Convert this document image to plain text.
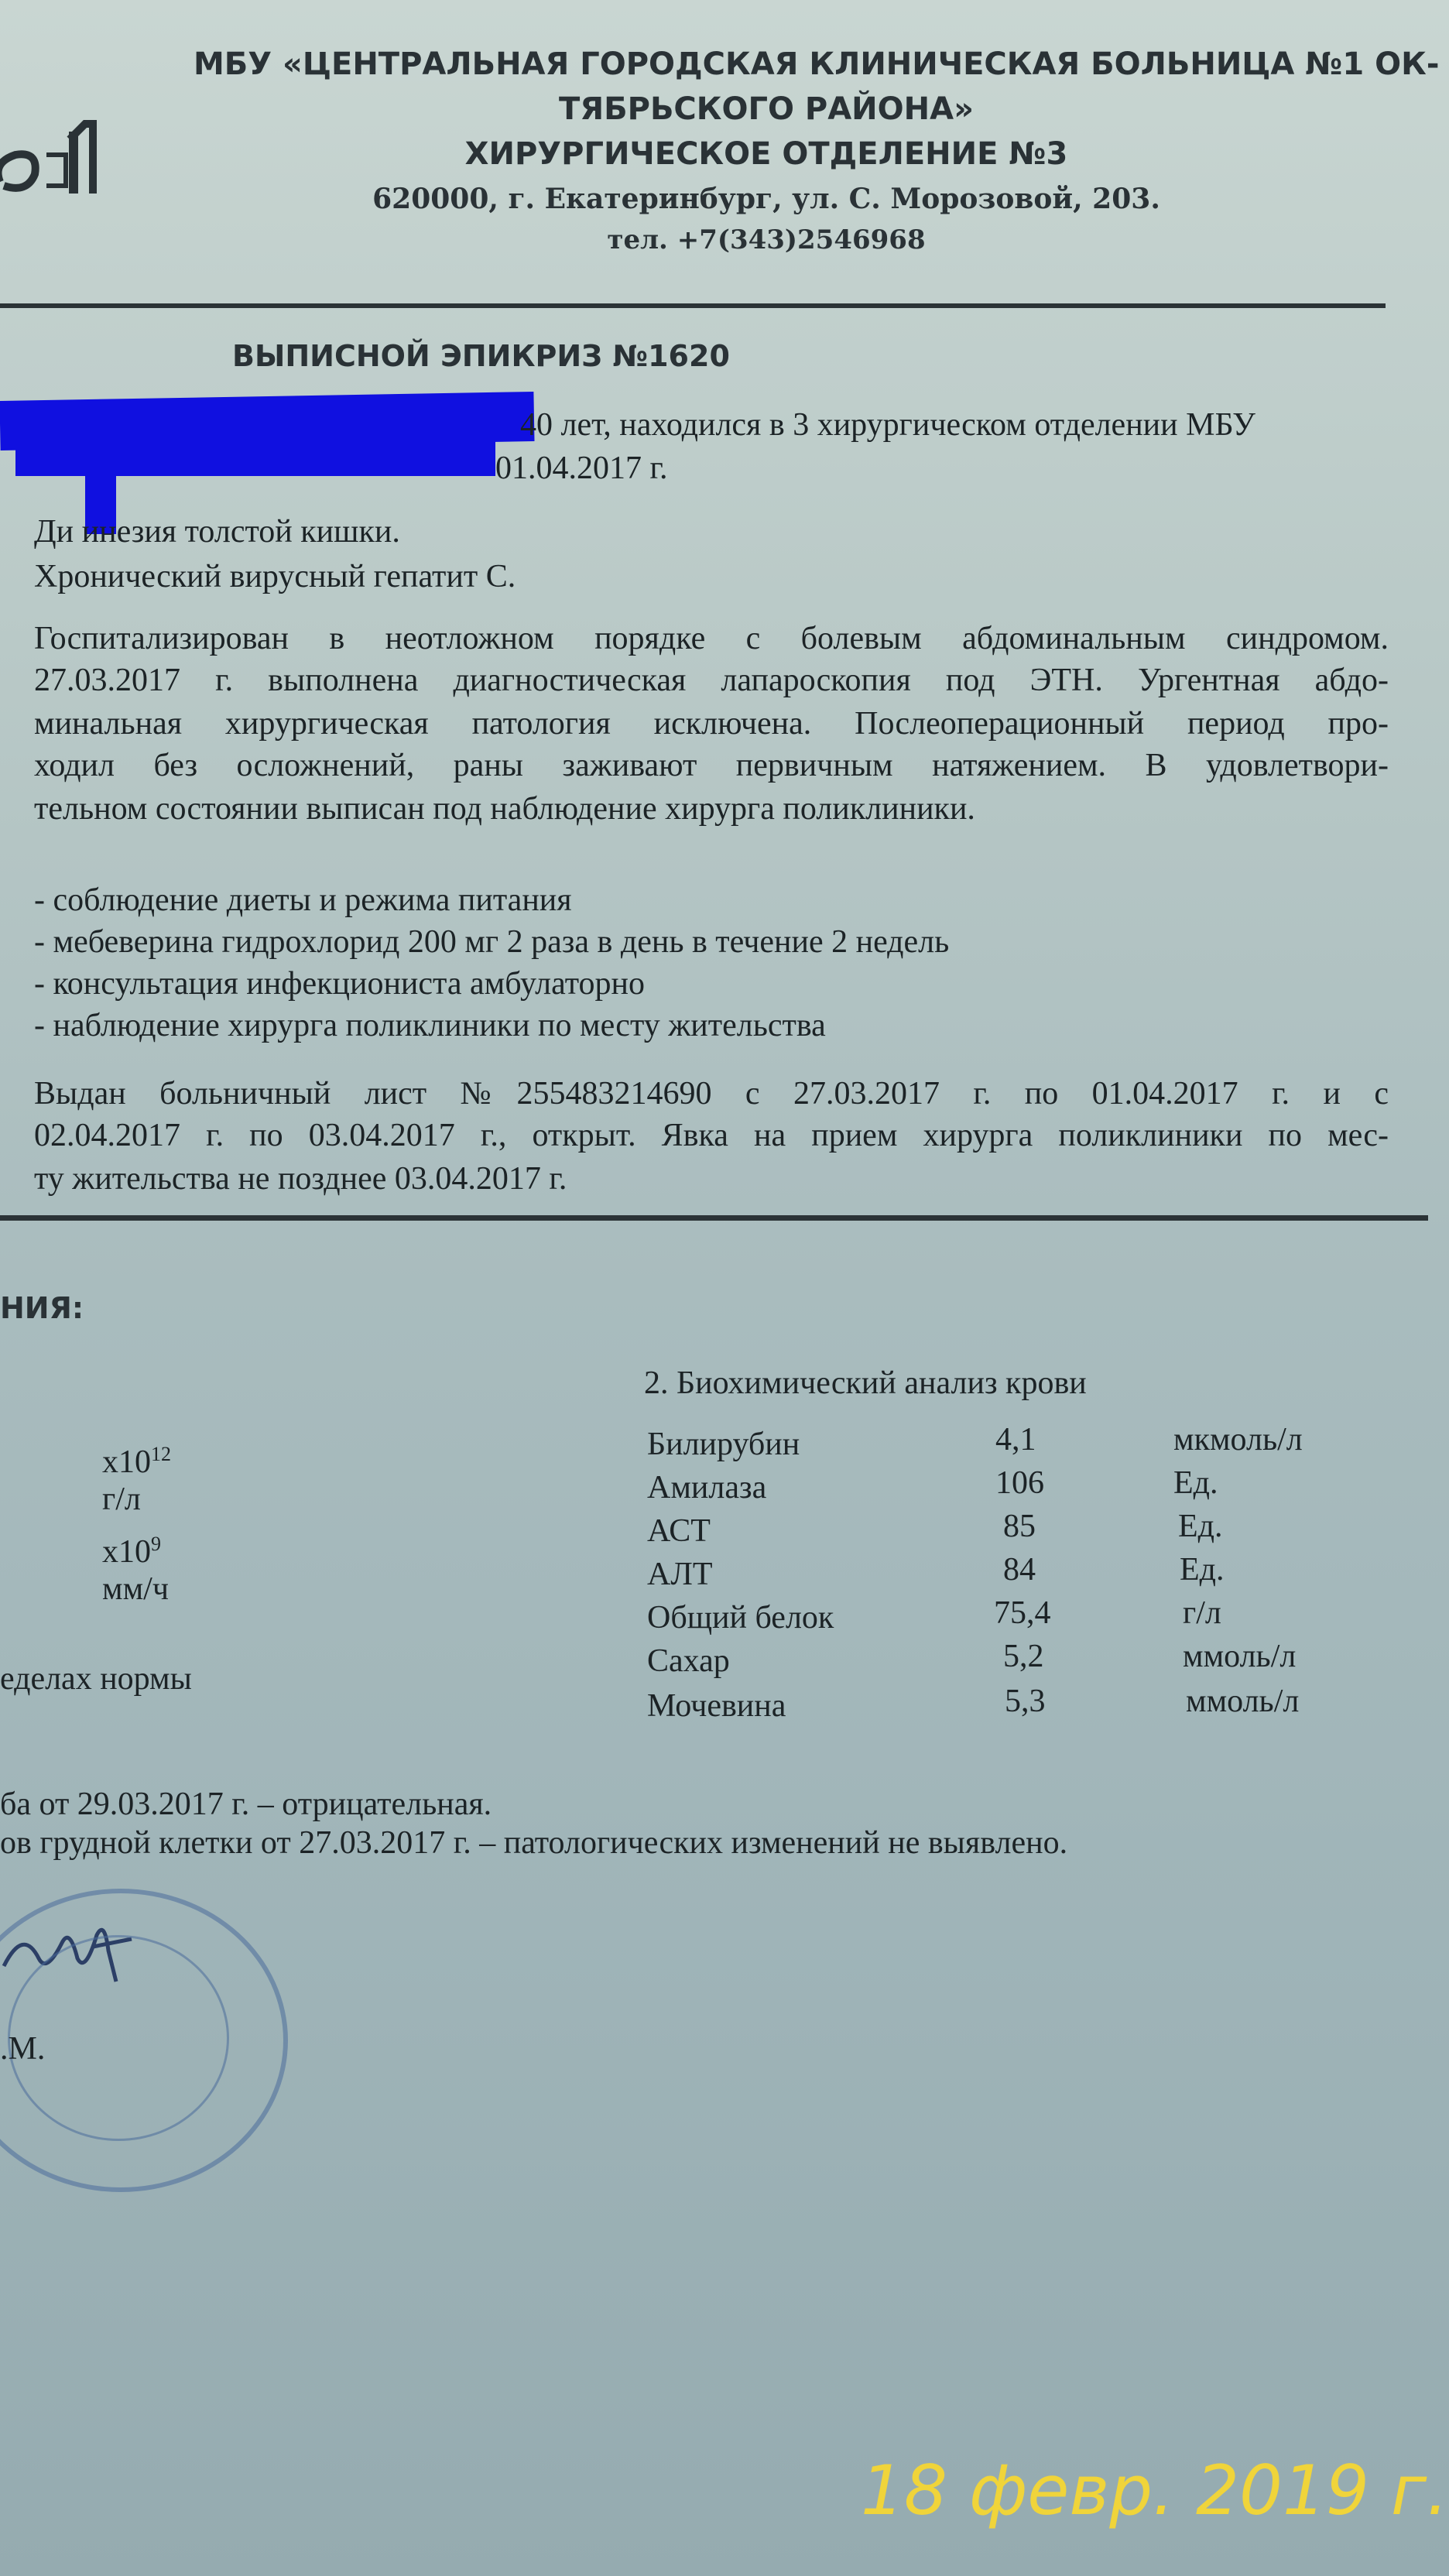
МБУ «ЦЕНТРАЛЬНАЯ ГОРОДСКАЯ КЛИНИЧЕСКАЯ БОЛЬНИЦА №1 ОК-
ТЯБРЬСКОГО РАЙОНА»
ХИРУРГИЧЕСКОЕ ОТДЕЛЕНИЕ №3
620000, г. Екатеринбург, ул. С. Морозовой, 203.
тел. +7(343)2546968
ВЫПИСНОЙ ЭПИКРИЗ №1620
40 лет, находился в 3 хирургическом отделении МБУ
01.04.2017 г.
Ди инезия толстой кишки.
Хронический вирусный гепатит С.
Госпитализирован в неотложном порядке с болевым абдоминальным синдромом.
27.03.2017 г. выполнена диагностическая лапароскопия под ЭТН. Ургентная абдо-
минальная хирургическая патология исключена. Послеоперационный период про-
ходил без осложнений, раны заживают первичным натяжением. В удовлетвори-
тельном состоянии выписан под наблюдение хирурга поликлиники.
- соблюдение диеты и режима питания
- мебеверина гидрохлорид 200 мг 2 раза в день в течение 2 недель
- консультация инфекциониста амбулаторно
- наблюдение хирурга поликлиники по месту жительства
Выдан больничный лист №255483214690 с 27.03.2017 г. по 01.04.2017 г. и с
02.04.2017 г. по 03.04.2017 г., открыт. Явка на прием хирурга поликлиники по мес-
ту жительства не позднее 03.04.2017 г.
НИЯ:
2. Биохимический анализ крови
$х10^{12}$
г/л
$х10^9$
мм/ч
еделах нормы
Билирубин	4,1	мкмоль/л
Амилаза	106	Ед.
АСТ	85	Ед.
АЛТ	84	Ед.
Общий белок	75,4	г/л
Сахар	5,2	ммоль/л
Мочевина	5,3	ммоль/л
ба от 29.03.2017 г. – отрицательная.
ов грудной клетки от 27.03.2017 г. – патологических изменений не выявлено.
.М.
18 февр. 2019 г.
